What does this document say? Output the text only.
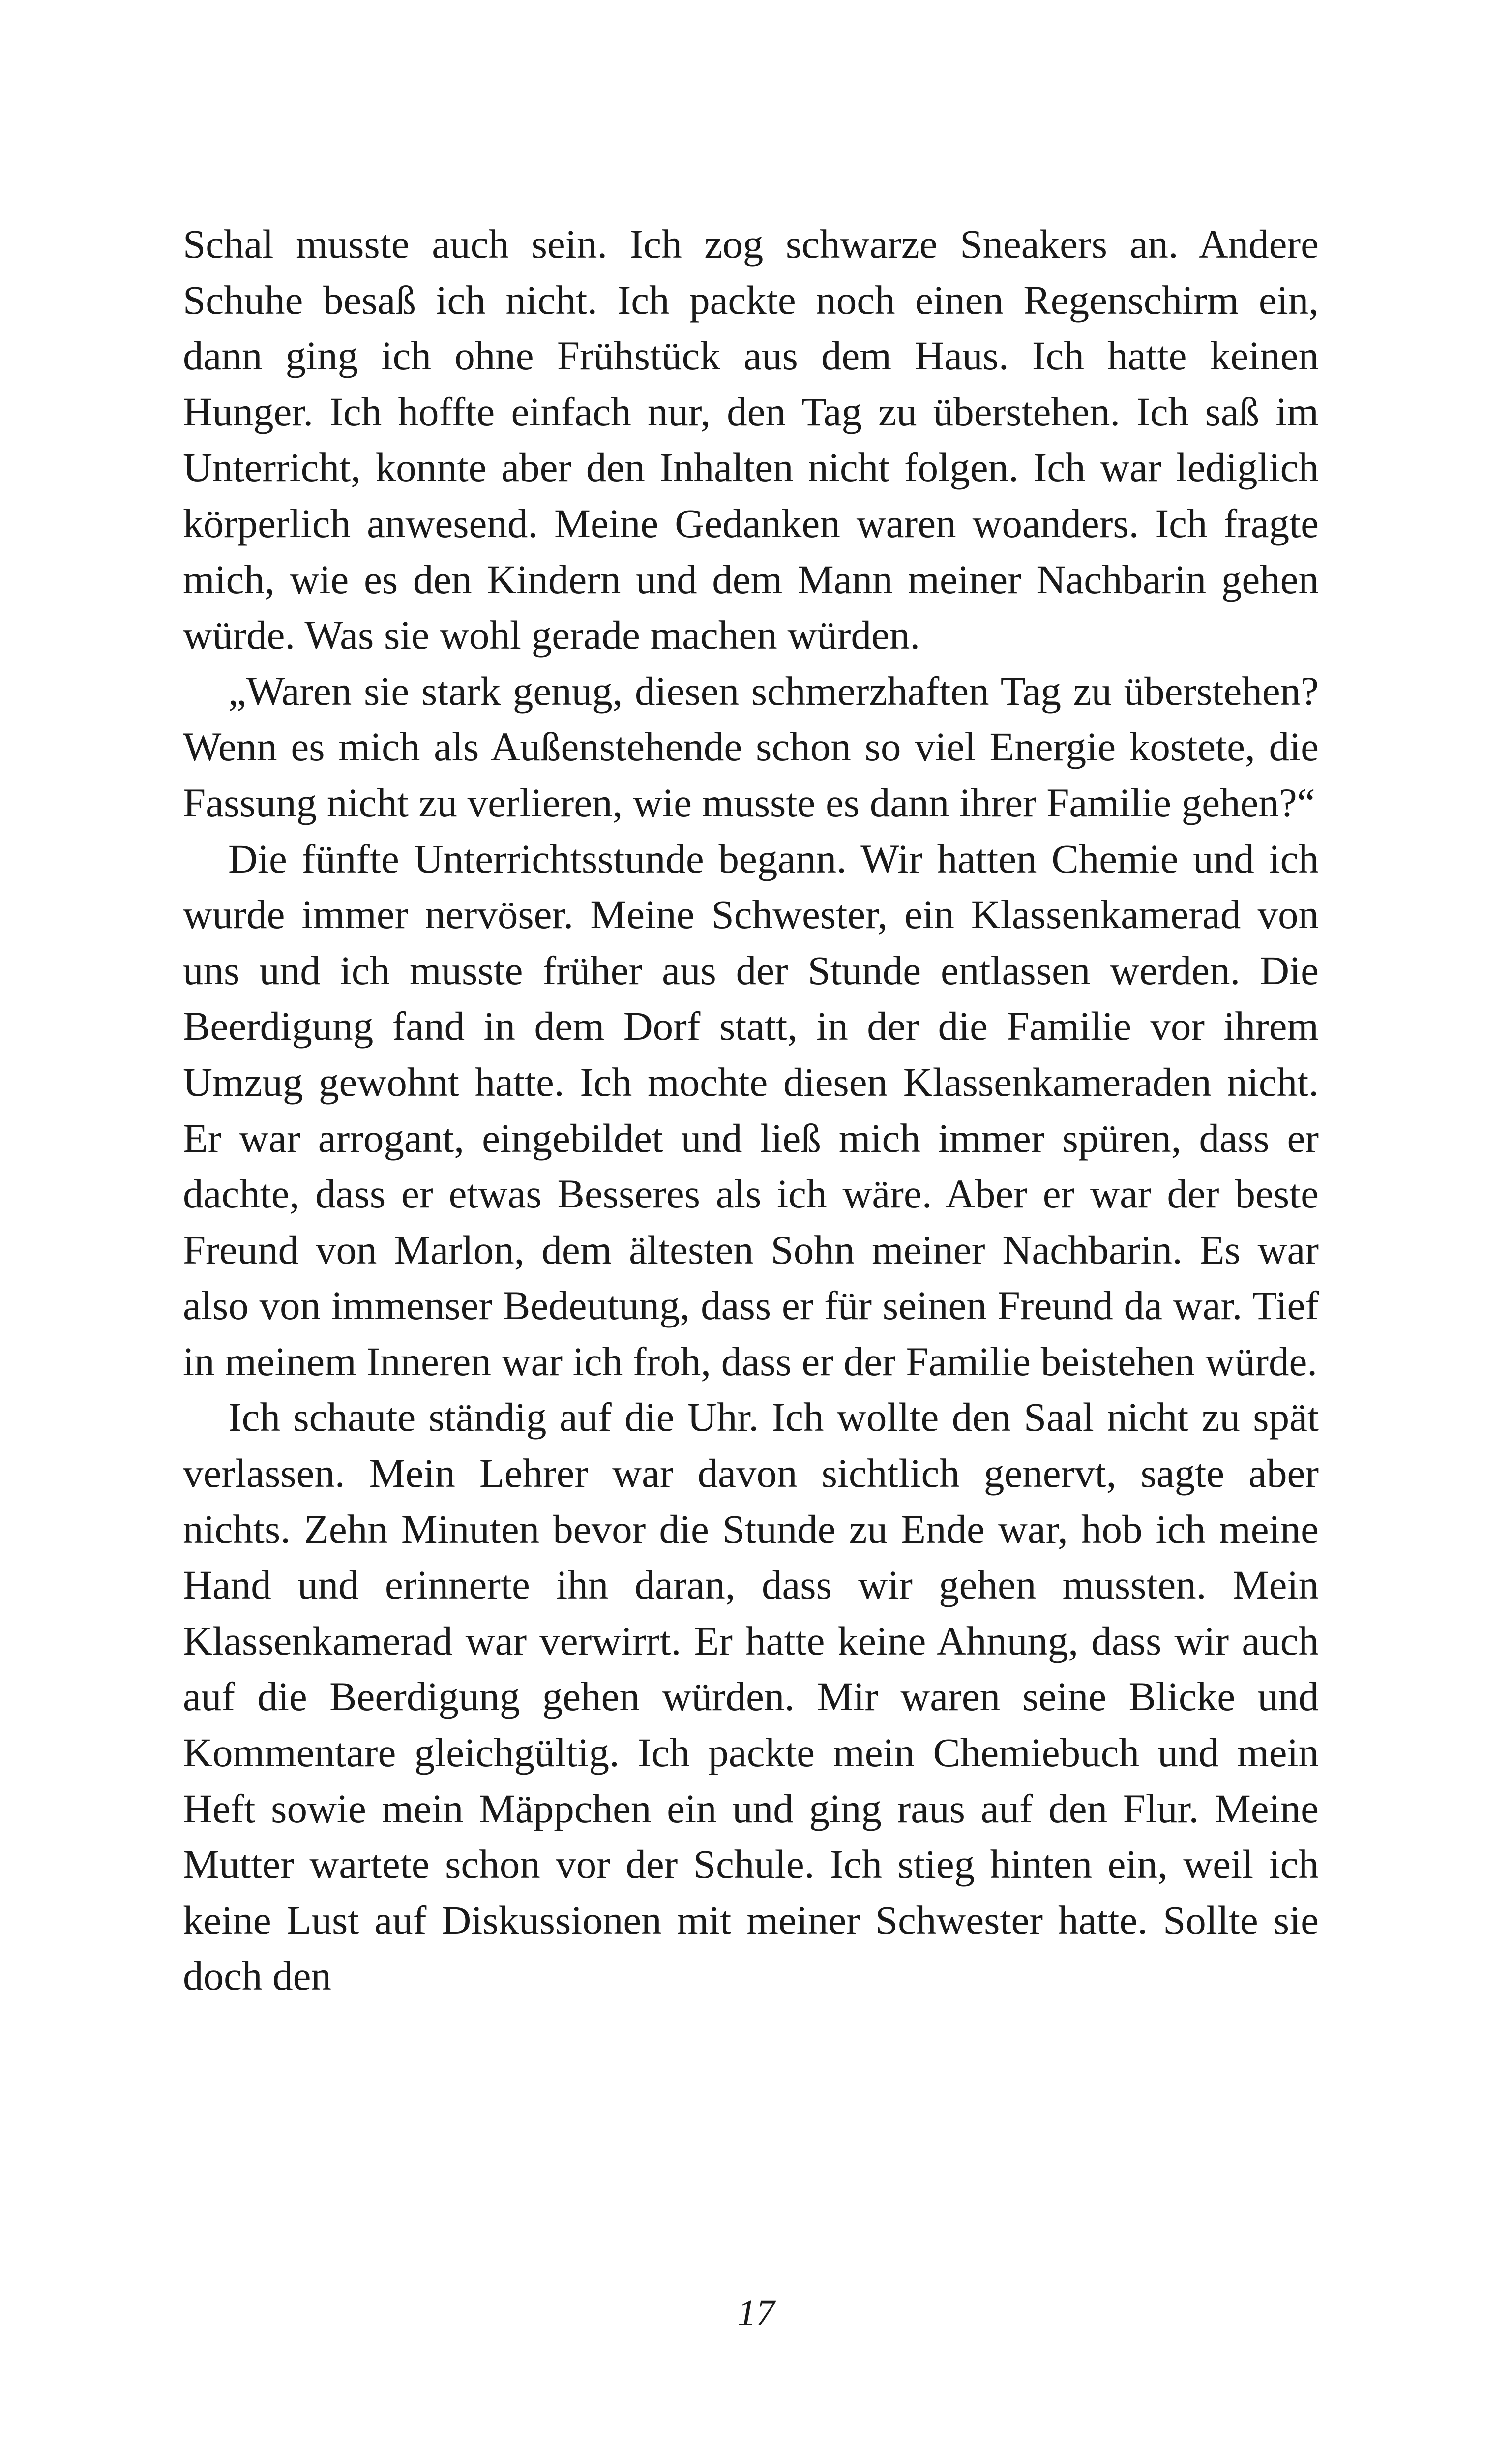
Schal musste auch sein. Ich zog schwarze Sneakers an. Andere Schuhe besaß ich nicht. Ich packte noch einen Regenschirm ein, dann ging ich ohne Frühstück aus dem Haus. Ich hatte keinen Hunger. Ich hoffte einfach nur, den Tag zu überstehen. Ich saß im Unterricht, konnte aber den Inhalten nicht folgen. Ich war lediglich körperlich anwesend. Meine Gedanken waren woanders. Ich fragte mich, wie es den Kindern und dem Mann meiner Nachbarin gehen würde. Was sie wohl gerade machen würden.

„Waren sie stark genug, diesen schmerzhaften Tag zu überstehen? Wenn es mich als Außenstehende schon so viel Energie kostete, die Fassung nicht zu verlieren, wie musste es dann ihrer Familie gehen?“

Die fünfte Unterrichtsstunde begann. Wir hatten Chemie und ich wurde immer nervöser. Meine Schwester, ein Klassenkamerad von uns und ich musste früher aus der Stunde entlassen werden. Die Beerdigung fand in dem Dorf statt, in der die Familie vor ihrem Umzug gewohnt hatte. Ich mochte diesen Klassenkameraden nicht. Er war arrogant, eingebildet und ließ mich immer spüren, dass er dachte, dass er etwas Besseres als ich wäre. Aber er war der beste Freund von Marlon, dem ältesten Sohn meiner Nachbarin. Es war also von immenser Bedeutung, dass er für seinen Freund da war. Tief in meinem Inneren war ich froh, dass er der Familie beistehen würde.

Ich schaute ständig auf die Uhr. Ich wollte den Saal nicht zu spät verlassen. Mein Lehrer war davon sichtlich genervt, sagte aber nichts. Zehn Minuten bevor die Stunde zu Ende war, hob ich meine Hand und erinnerte ihn daran, dass wir gehen mussten. Mein Klassenkamerad war verwirrt. Er hatte keine Ahnung, dass wir auch auf die Beerdigung gehen würden. Mir waren seine Blicke und Kommentare gleichgültig. Ich packte mein Chemiebuch und mein Heft sowie mein Mäppchen ein und ging raus auf den Flur. Meine Mutter wartete schon vor der Schule. Ich stieg hinten ein, weil ich keine Lust auf Diskussionen mit meiner Schwester hatte. Sollte sie doch den

17
